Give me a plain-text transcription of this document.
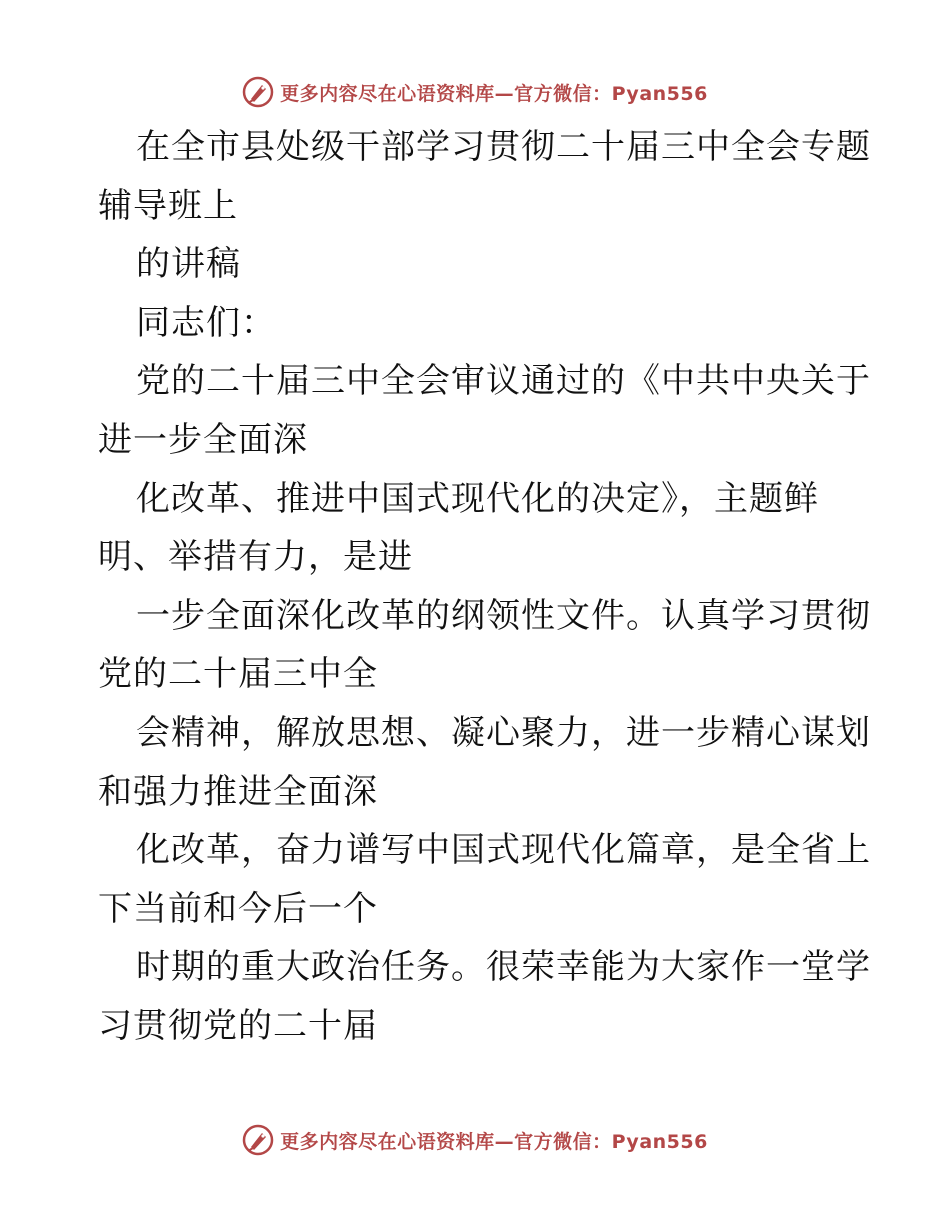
更多内容尽在心语资料库—官方微信：Pyan556
在全市县处级干部学习贯彻二十届三中全会专题
辅导班上
的讲稿
同志们：
党的二十届三中全会审议通过的《中共中央关于
进一步全面深
化改革、推进中国式现代化的决定》，主题鲜
明、举措有力，是进
一步全面深化改革的纲领性文件。认真学习贯彻
党的二十届三中全
会精神，解放思想、凝心聚力，进一步精心谋划
和强力推进全面深
化改革，奋力谱写中国式现代化篇章，是全省上
下当前和今后一个
时期的重大政治任务。很荣幸能为大家作一堂学
习贯彻党的二十届
更多内容尽在心语资料库—官方微信：Pyan556
